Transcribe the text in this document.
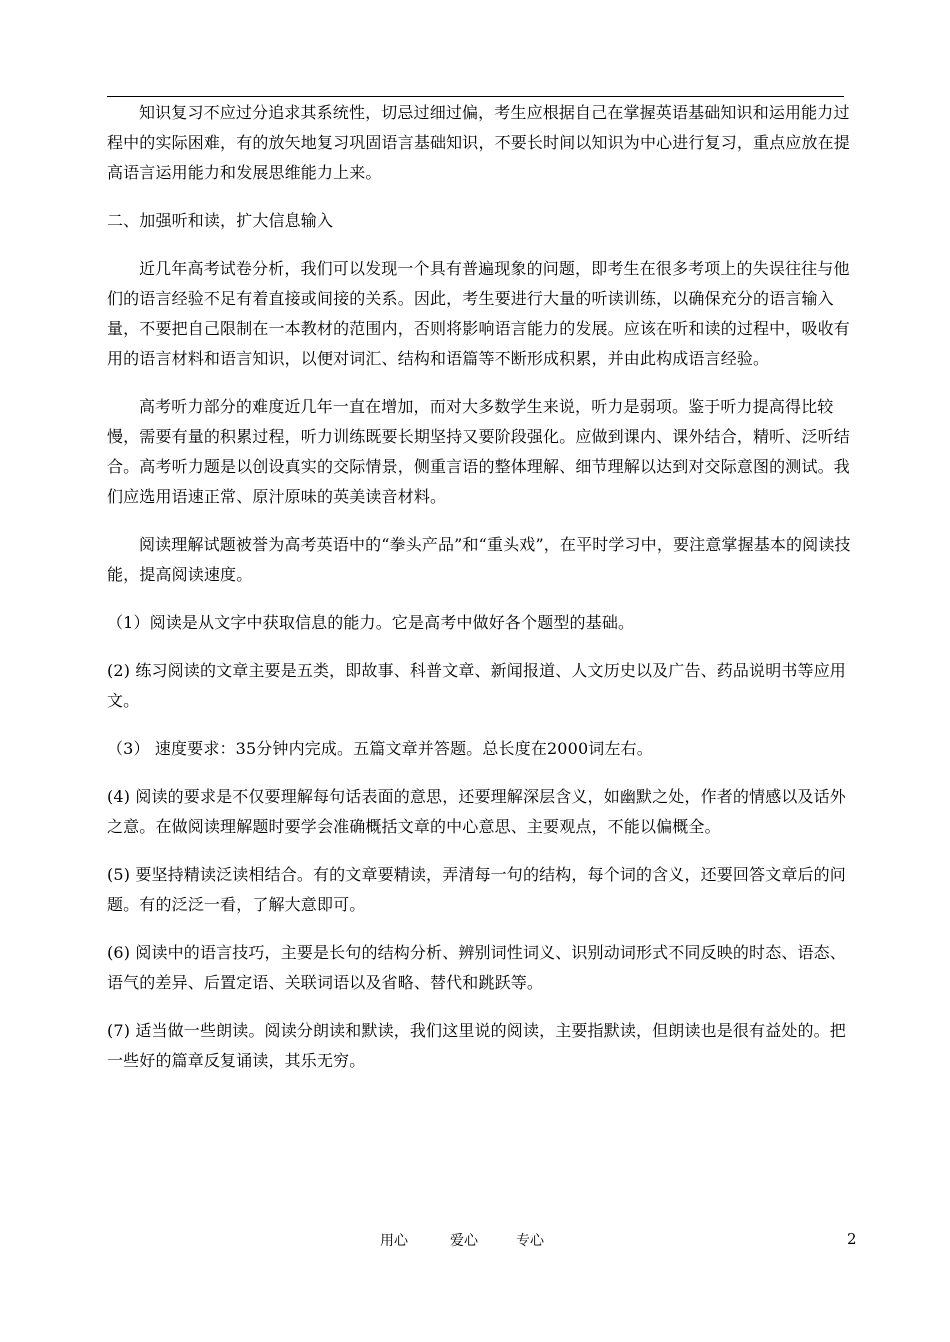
知识复习不应过分追求其系统性，切忌过细过偏，考生应根据自己在掌握英语基础知识和运用能力过程中的实际困难，有的放矢地复习巩固语言基础知识，不要长时间以知识为中心进行复习，重点应放在提高语言运用能力和发展思维能力上来。

二、加强听和读，扩大信息输入

近几年高考试卷分析，我们可以发现一个具有普遍现象的问题，即考生在很多考项上的失误往往与他们的语言经验不足有着直接或间接的关系。因此，考生要进行大量的听读训练，以确保充分的语言输入量，不要把自己限制在一本教材的范围内，否则将影响语言能力的发展。应该在听和读的过程中，吸收有用的语言材料和语言知识，以便对词汇、结构和语篇等不断形成积累，并由此构成语言经验。

高考听力部分的难度近几年一直在增加，而对大多数学生来说，听力是弱项。鉴于听力提高得比较慢，需要有量的积累过程，听力训练既要长期坚持又要阶段强化。应做到课内、课外结合，精听、泛听结合。高考听力题是以创设真实的交际情景，侧重言语的整体理解、细节理解以达到对交际意图的测试。我们应选用语速正常、原汁原味的英美读音材料。

阅读理解试题被誉为高考英语中的“拳头产品”和“重头戏”，在平时学习中，要注意掌握基本的阅读技能，提高阅读速度。

（1）阅读是从文字中获取信息的能力。它是高考中做好各个题型的基础。

(2) 练习阅读的文章主要是五类，即故事、科普文章、新闻报道、人文历史以及广告、药品说明书等应用文。

（3） 速度要求：35分钟内完成。五篇文章并答题。总长度在2000词左右。

(4) 阅读的要求是不仅要理解每句话表面的意思，还要理解深层含义，如幽默之处，作者的情感以及话外之意。在做阅读理解题时要学会准确概括文章的中心意思、主要观点，不能以偏概全。

(5) 要坚持精读泛读相结合。有的文章要精读，弄清每一句的结构，每个词的含义，还要回答文章后的问题。有的泛泛一看，了解大意即可。

(6) 阅读中的语言技巧，主要是长句的结构分析、辨别词性词义、识别动词形式不同反映的时态、语态、语气的差异、后置定语、关联词语以及省略、替代和跳跃等。

(7) 适当做一些朗读。阅读分朗读和默读，我们这里说的阅读，主要指默读，但朗读也是很有益处的。把一些好的篇章反复诵读，其乐无穷。

用心	爱心	专心	2
